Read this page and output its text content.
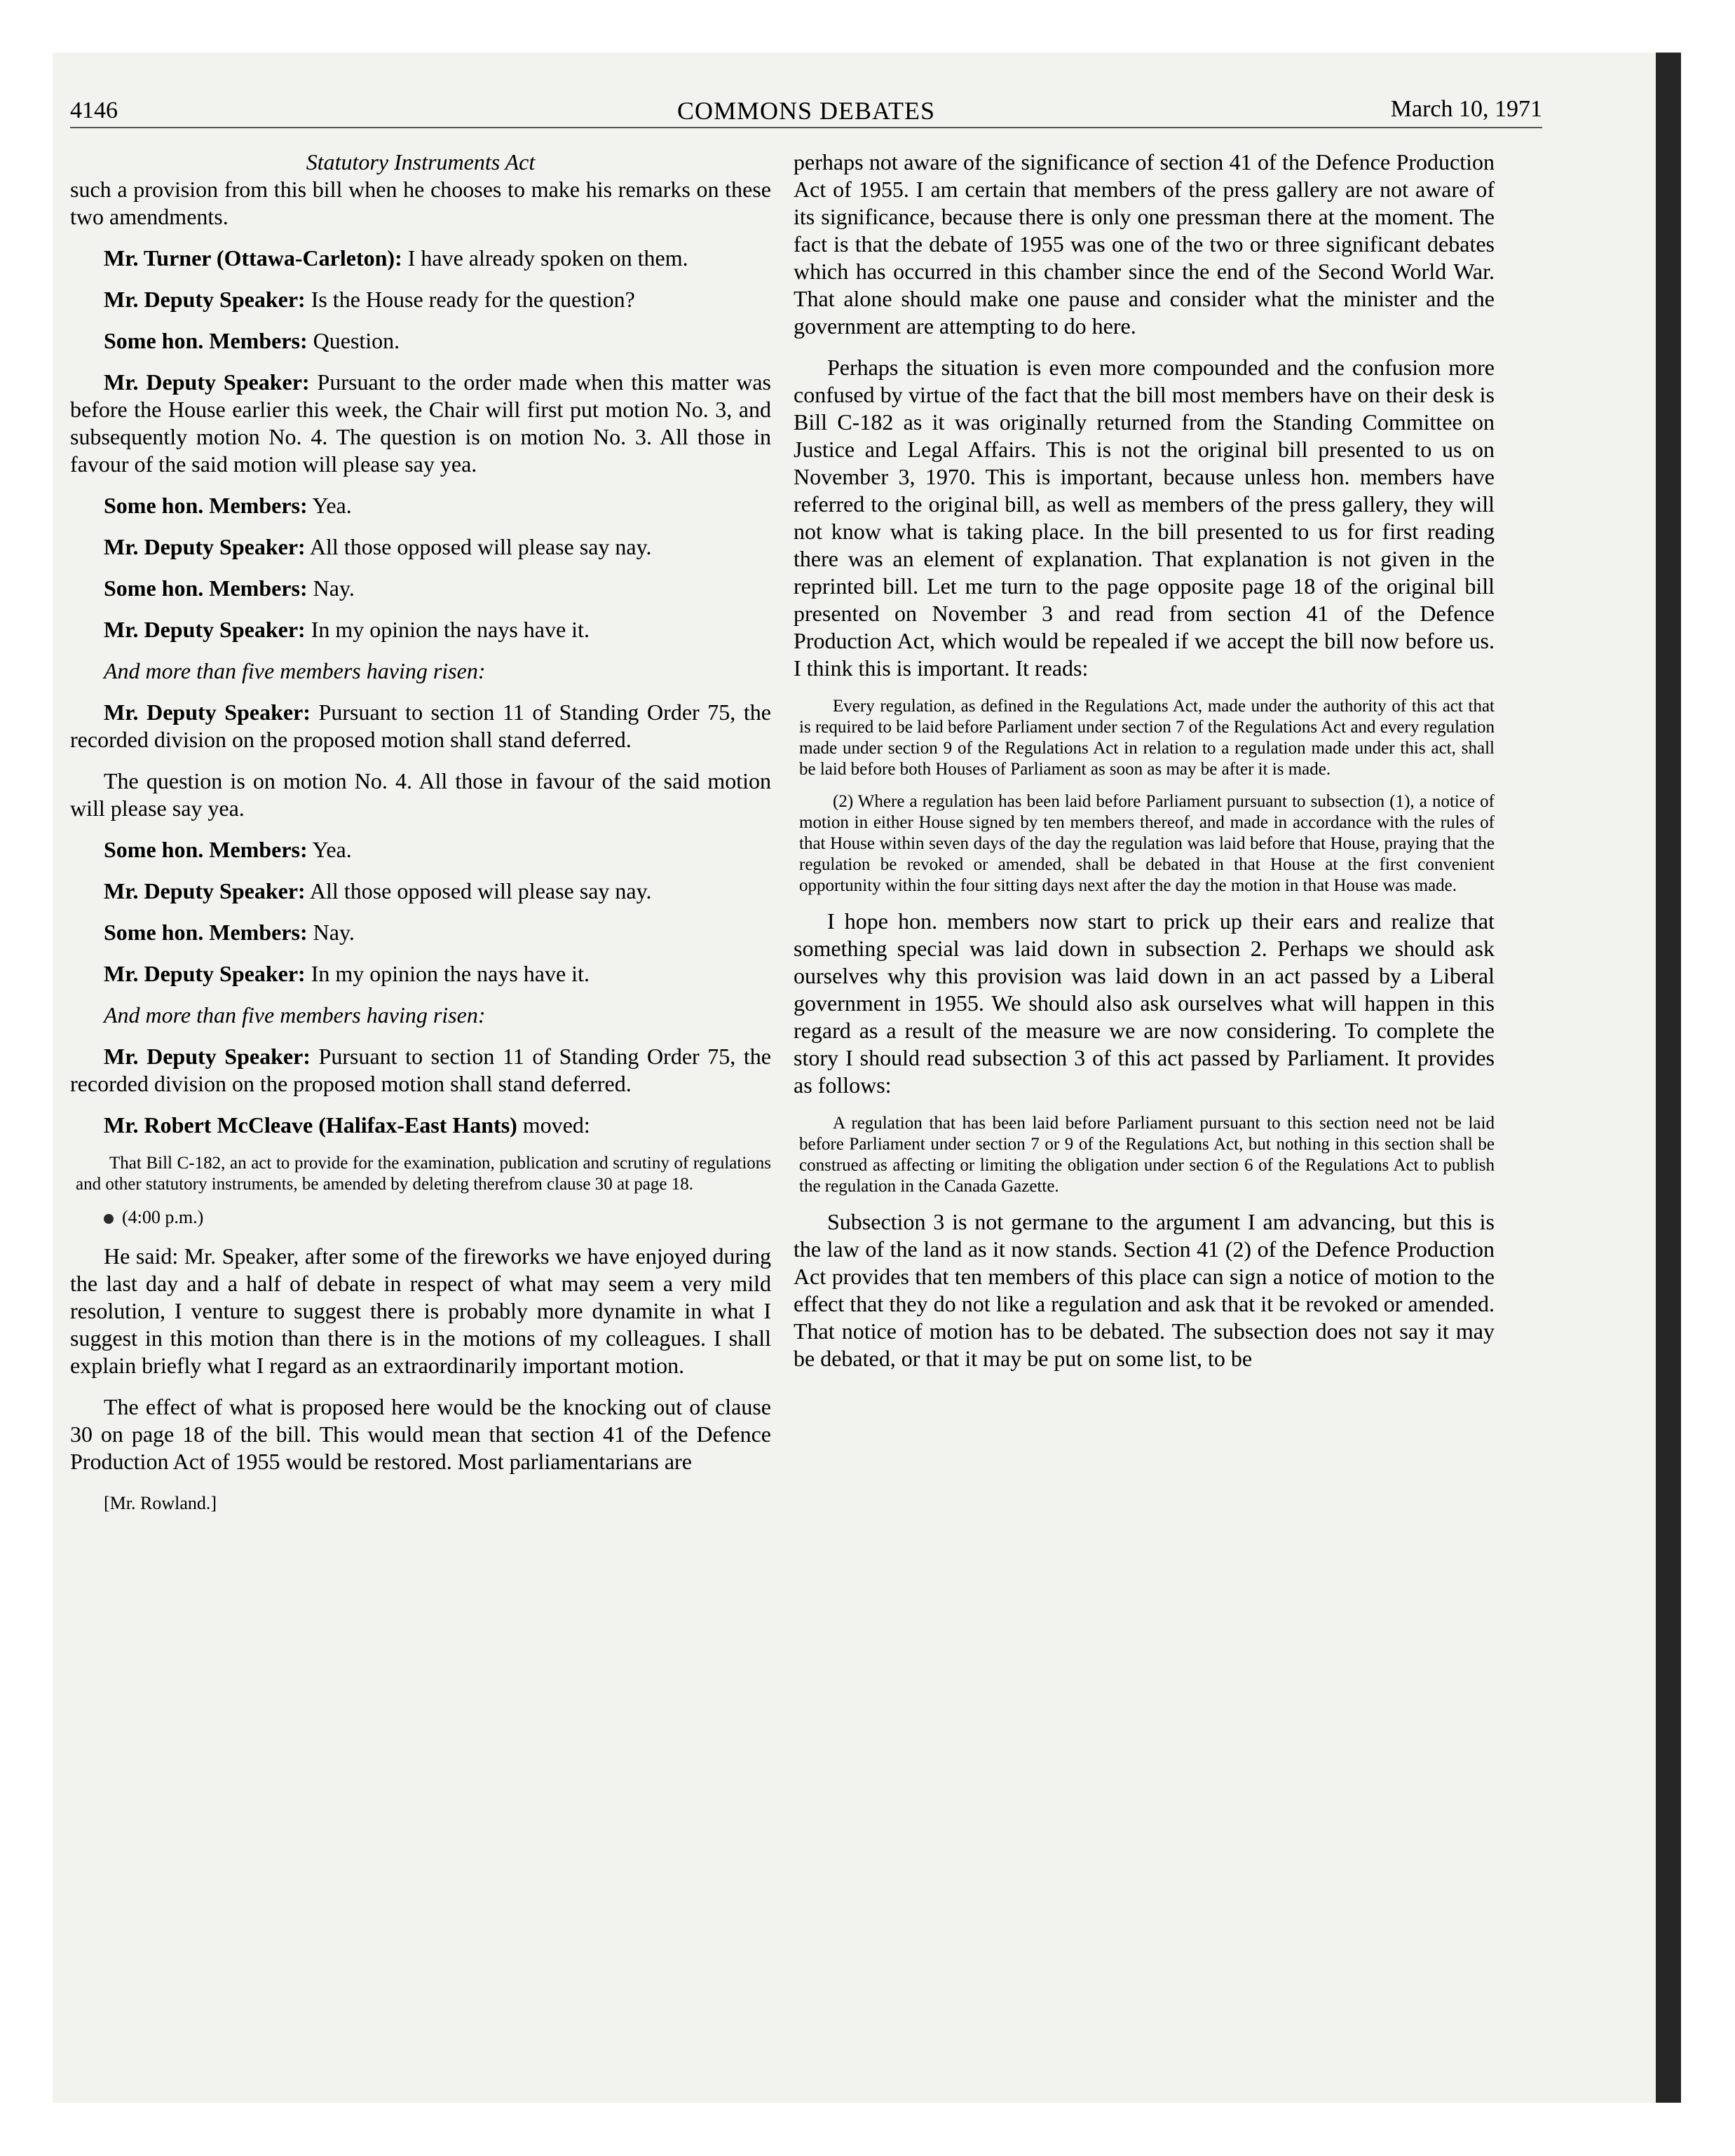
4146	COMMONS DEBATES	March 10, 1971

Statutory Instruments Act

such a provision from this bill when he chooses to make his remarks on these two amendments.

Mr. Turner (Ottawa-Carleton): I have already spoken on them.

Mr. Deputy Speaker: Is the House ready for the question?

Some hon. Members: Question.

Mr. Deputy Speaker: Pursuant to the order made when this matter was before the House earlier this week, the Chair will first put motion No. 3, and subsequently motion No. 4. The question is on motion No. 3. All those in favour of the said motion will please say yea.

Some hon. Members: Yea.

Mr. Deputy Speaker: All those opposed will please say nay.

Some hon. Members: Nay.

Mr. Deputy Speaker: In my opinion the nays have it.

And more than five members having risen:

Mr. Deputy Speaker: Pursuant to section 11 of Standing Order 75, the recorded division on the proposed motion shall stand deferred.

The question is on motion No. 4. All those in favour of the said motion will please say yea.

Some hon. Members: Yea.

Mr. Deputy Speaker: All those opposed will please say nay.

Some hon. Members: Nay.

Mr. Deputy Speaker: In my opinion the nays have it.

And more than five members having risen:

Mr. Deputy Speaker: Pursuant to section 11 of Standing Order 75, the recorded division on the proposed motion shall stand deferred.

Mr. Robert McCleave (Halifax-East Hants) moved:

That Bill C-182, an act to provide for the examination, publication and scrutiny of regulations and other statutory instruments, be amended by deleting therefrom clause 30 at page 18.

(4:00 p.m.)

He said: Mr. Speaker, after some of the fireworks we have enjoyed during the last day and a half of debate in respect of what may seem a very mild resolution, I venture to suggest there is probably more dynamite in what I suggest in this motion than there is in the motions of my colleagues. I shall explain briefly what I regard as an extraordinarily important motion.

The effect of what is proposed here would be the knocking out of clause 30 on page 18 of the bill. This would mean that section 41 of the Defence Production Act of 1955 would be restored. Most parliamentarians are

[Mr. Rowland.]

perhaps not aware of the significance of section 41 of the Defence Production Act of 1955. I am certain that members of the press gallery are not aware of its significance, because there is only one pressman there at the moment. The fact is that the debate of 1955 was one of the two or three significant debates which has occurred in this chamber since the end of the Second World War. That alone should make one pause and consider what the minister and the government are attempting to do here.

Perhaps the situation is even more compounded and the confusion more confused by virtue of the fact that the bill most members have on their desk is Bill C-182 as it was originally returned from the Standing Committee on Justice and Legal Affairs. This is not the original bill presented to us on November 3, 1970. This is important, because unless hon. members have referred to the original bill, as well as members of the press gallery, they will not know what is taking place. In the bill presented to us for first reading there was an element of explanation. That explanation is not given in the reprinted bill. Let me turn to the page opposite page 18 of the original bill presented on November 3 and read from section 41 of the Defence Production Act, which would be repealed if we accept the bill now before us. I think this is important. It reads:

Every regulation, as defined in the Regulations Act, made under the authority of this act that is required to be laid before Parliament under section 7 of the Regulations Act and every regulation made under section 9 of the Regulations Act in relation to a regulation made under this act, shall be laid before both Houses of Parliament as soon as may be after it is made.

(2) Where a regulation has been laid before Parliament pursuant to subsection (1), a notice of motion in either House signed by ten members thereof, and made in accordance with the rules of that House within seven days of the day the regulation was laid before that House, praying that the regulation be revoked or amended, shall be debated in that House at the first convenient opportunity within the four sitting days next after the day the motion in that House was made.

I hope hon. members now start to prick up their ears and realize that something special was laid down in subsection 2. Perhaps we should ask ourselves why this provision was laid down in an act passed by a Liberal government in 1955. We should also ask ourselves what will happen in this regard as a result of the measure we are now considering. To complete the story I should read subsection 3 of this act passed by Parliament. It provides as follows:

A regulation that has been laid before Parliament pursuant to this section need not be laid before Parliament under section 7 or 9 of the Regulations Act, but nothing in this section shall be construed as affecting or limiting the obligation under section 6 of the Regulations Act to publish the regulation in the Canada Gazette.

Subsection 3 is not germane to the argument I am advancing, but this is the law of the land as it now stands. Section 41 (2) of the Defence Production Act provides that ten members of this place can sign a notice of motion to the effect that they do not like a regulation and ask that it be revoked or amended. That notice of motion has to be debated. The subsection does not say it may be debated, or that it may be put on some list, to be
